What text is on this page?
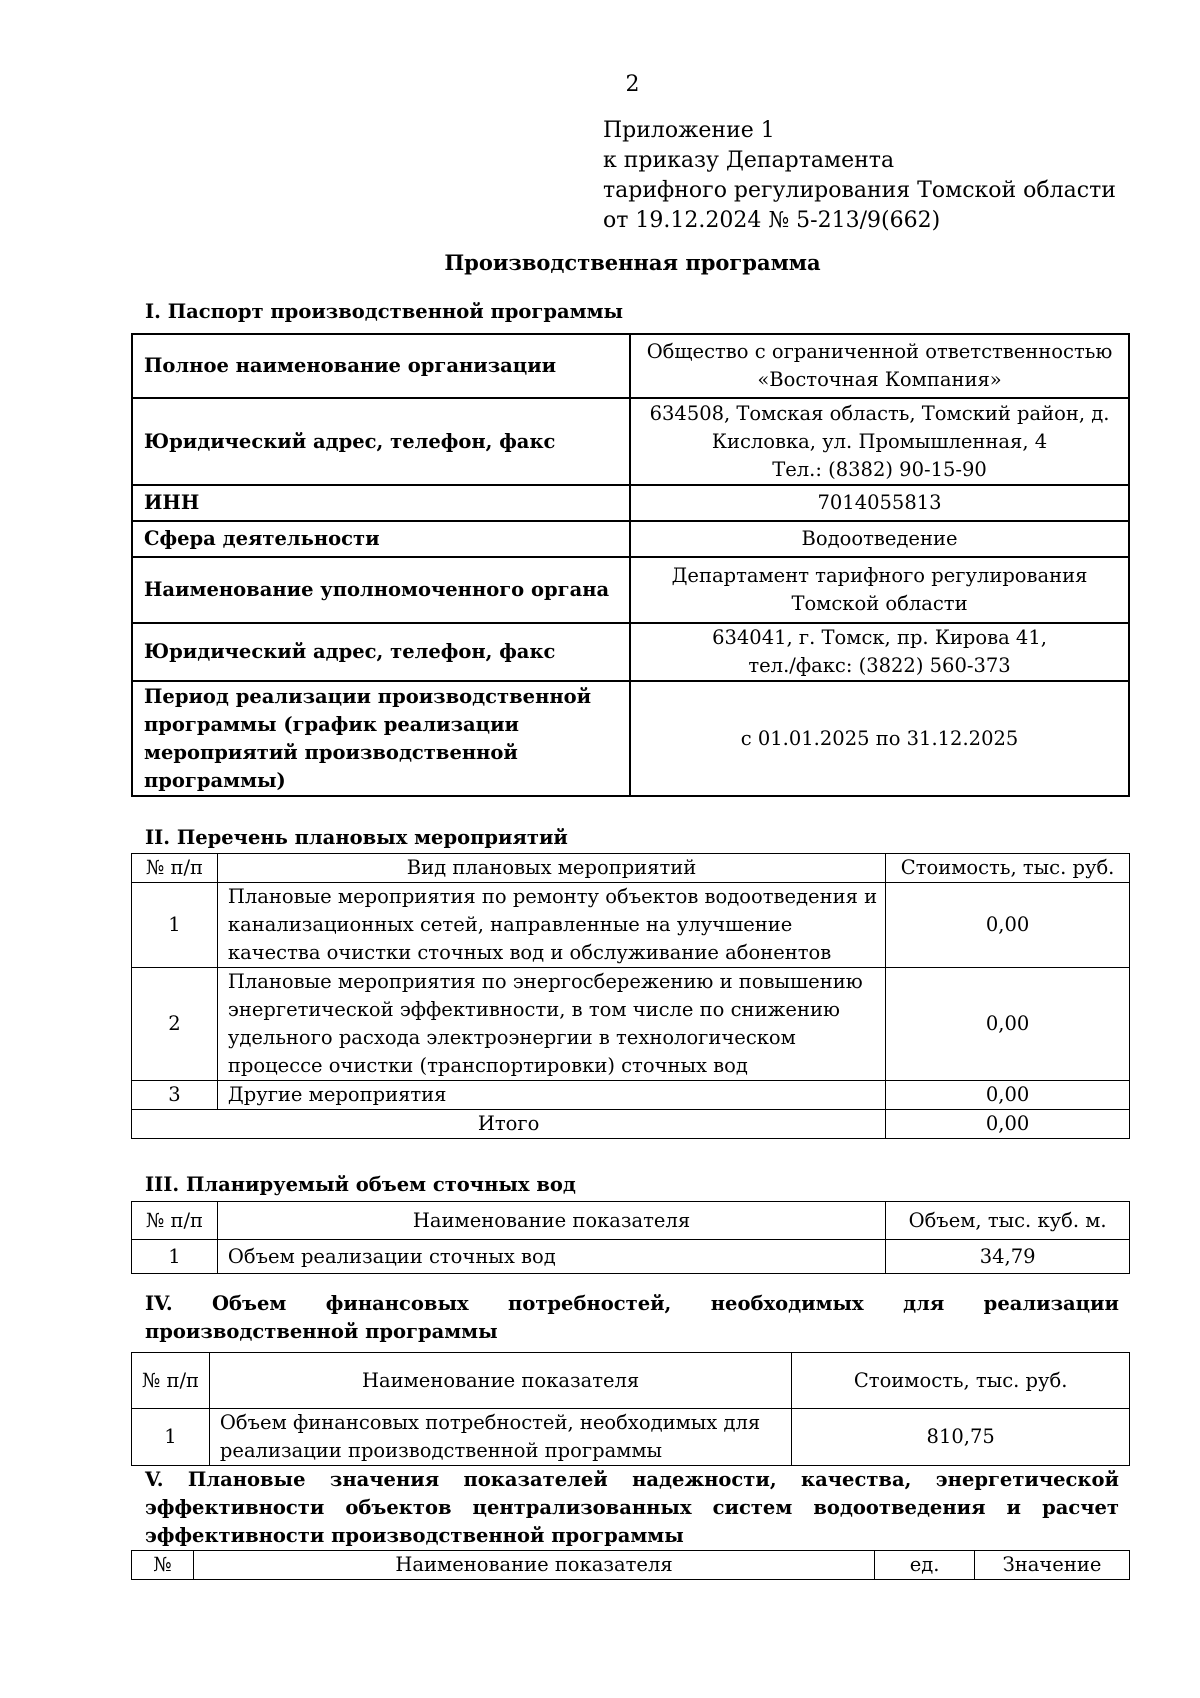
2
Приложение 1
к приказу Департамента
тарифного регулирования Томской области
от 19.12.2024 № 5-213/9(662)
Производственная программа
I. Паспорт производственной программы
Полное наименование организации	Общество с ограниченной ответственностью
«Восточная Компания»

Юридический адрес, телефон, факс	634508, Томская область, Томский район, д.
Кисловка, ул. Промышленная, 4
Тел.: (8382) 90-15-90

ИНН	7014055813

Сфера деятельности	Водоотведение

Наименование уполномоченного органа	Департамент тарифного регулирования
Томской области

Юридический адрес, телефон, факс	634041, г. Томск, пр. Кирова 41,
тел./факс: (3822) 560-373

Период реализации производственной
программы (график реализации
мероприятий производственной
программы)	с 01.01.2025 по 31.12.2025
II. Перечень плановых мероприятий
№ п/п	Вид плановых мероприятий	Стоимость, тыс. руб.
1	Плановые мероприятия по ремонту объектов водоотведения и
канализационных сетей, направленные на улучшение
качества очистки сточных вод и обслуживание абонентов	0,00
2	Плановые мероприятия по энергосбережению и повышению
энергетической эффективности, в том числе по снижению
удельного расхода электроэнергии в технологическом
процессе очистки (транспортировки) сточных вод	0,00
3	Другие мероприятия	0,00
Итого		0,00
III. Планируемый объем сточных вод
№ п/п	Наименование показателя	Объем, тыс. куб. м.
1	Объем реализации сточных вод	34,79
IV. Объем финансовых потребностей, необходимых для реализации производственной программы
№ п/п	Наименование показателя	Стоимость, тыс. руб.
1	Объем финансовых потребностей, необходимых для
реализации производственной программы	810,75
V. Плановые значения показателей надежности, качества, энергетической эффективности объектов централизованных систем водоотведения и расчет эффективности производственной программы
№	Наименование показателя	ед.	Значение
